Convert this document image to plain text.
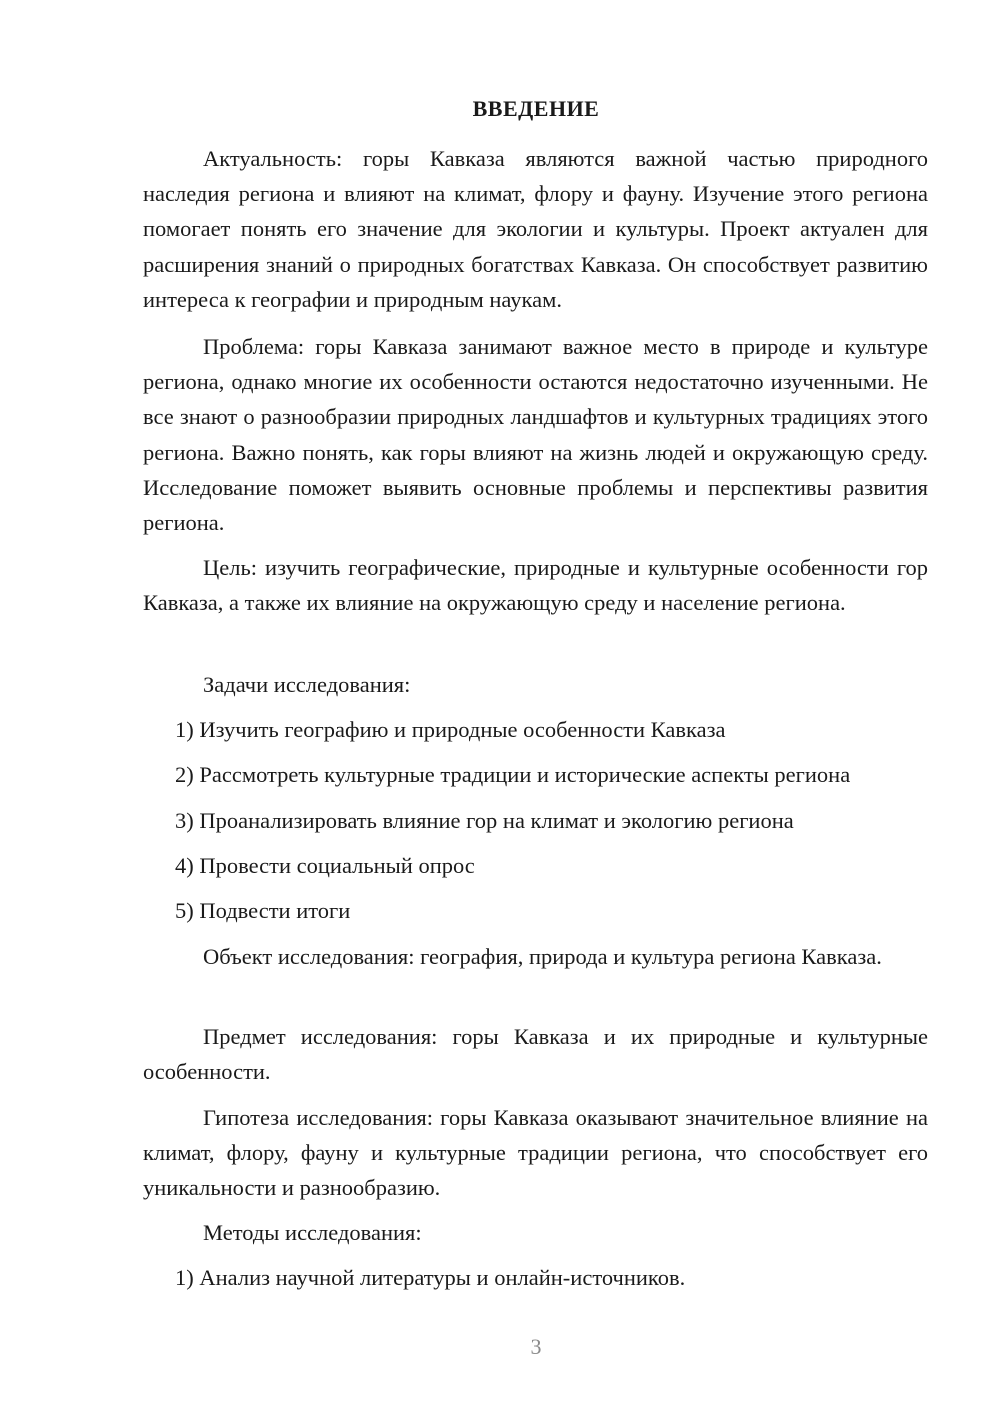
ВВЕДЕНИЕ

Актуальность: горы Кавказа являются важной частью природного наследия региона и влияют на климат, флору и фауну. Изучение этого региона помогает понять его значение для экологии и культуры. Проект актуален для расширения знаний о природных богатствах Кавказа. Он способствует развитию интереса к географии и природным наукам.

Проблема: горы Кавказа занимают важное место в природе и культуре региона, однако многие их особенности остаются недостаточно изученными. Не все знают о разнообразии природных ландшафтов и культурных традициях этого региона. Важно понять, как горы влияют на жизнь людей и окружающую среду. Исследование поможет выявить основные проблемы и перспективы развития региона.

Цель: изучить географические, природные и культурные особенности гор Кавказа, а также их влияние на окружающую среду и население региона.

Задачи исследования:

1) Изучить географию и природные особенности Кавказа

2) Рассмотреть культурные традиции и исторические аспекты региона

3) Проанализировать влияние гор на климат и экологию региона

4) Провести социальный опрос

5) Подвести итоги

Объект исследования: география, природа и культура региона Кавказа.

Предмет исследования: горы Кавказа и их природные и культурные особенности.

Гипотеза исследования: горы Кавказа оказывают значительное влияние на климат, флору, фауну и культурные традиции региона, что способствует его уникальности и разнообразию.

Методы исследования:

1) Анализ научной литературы и онлайн-источников.

3
